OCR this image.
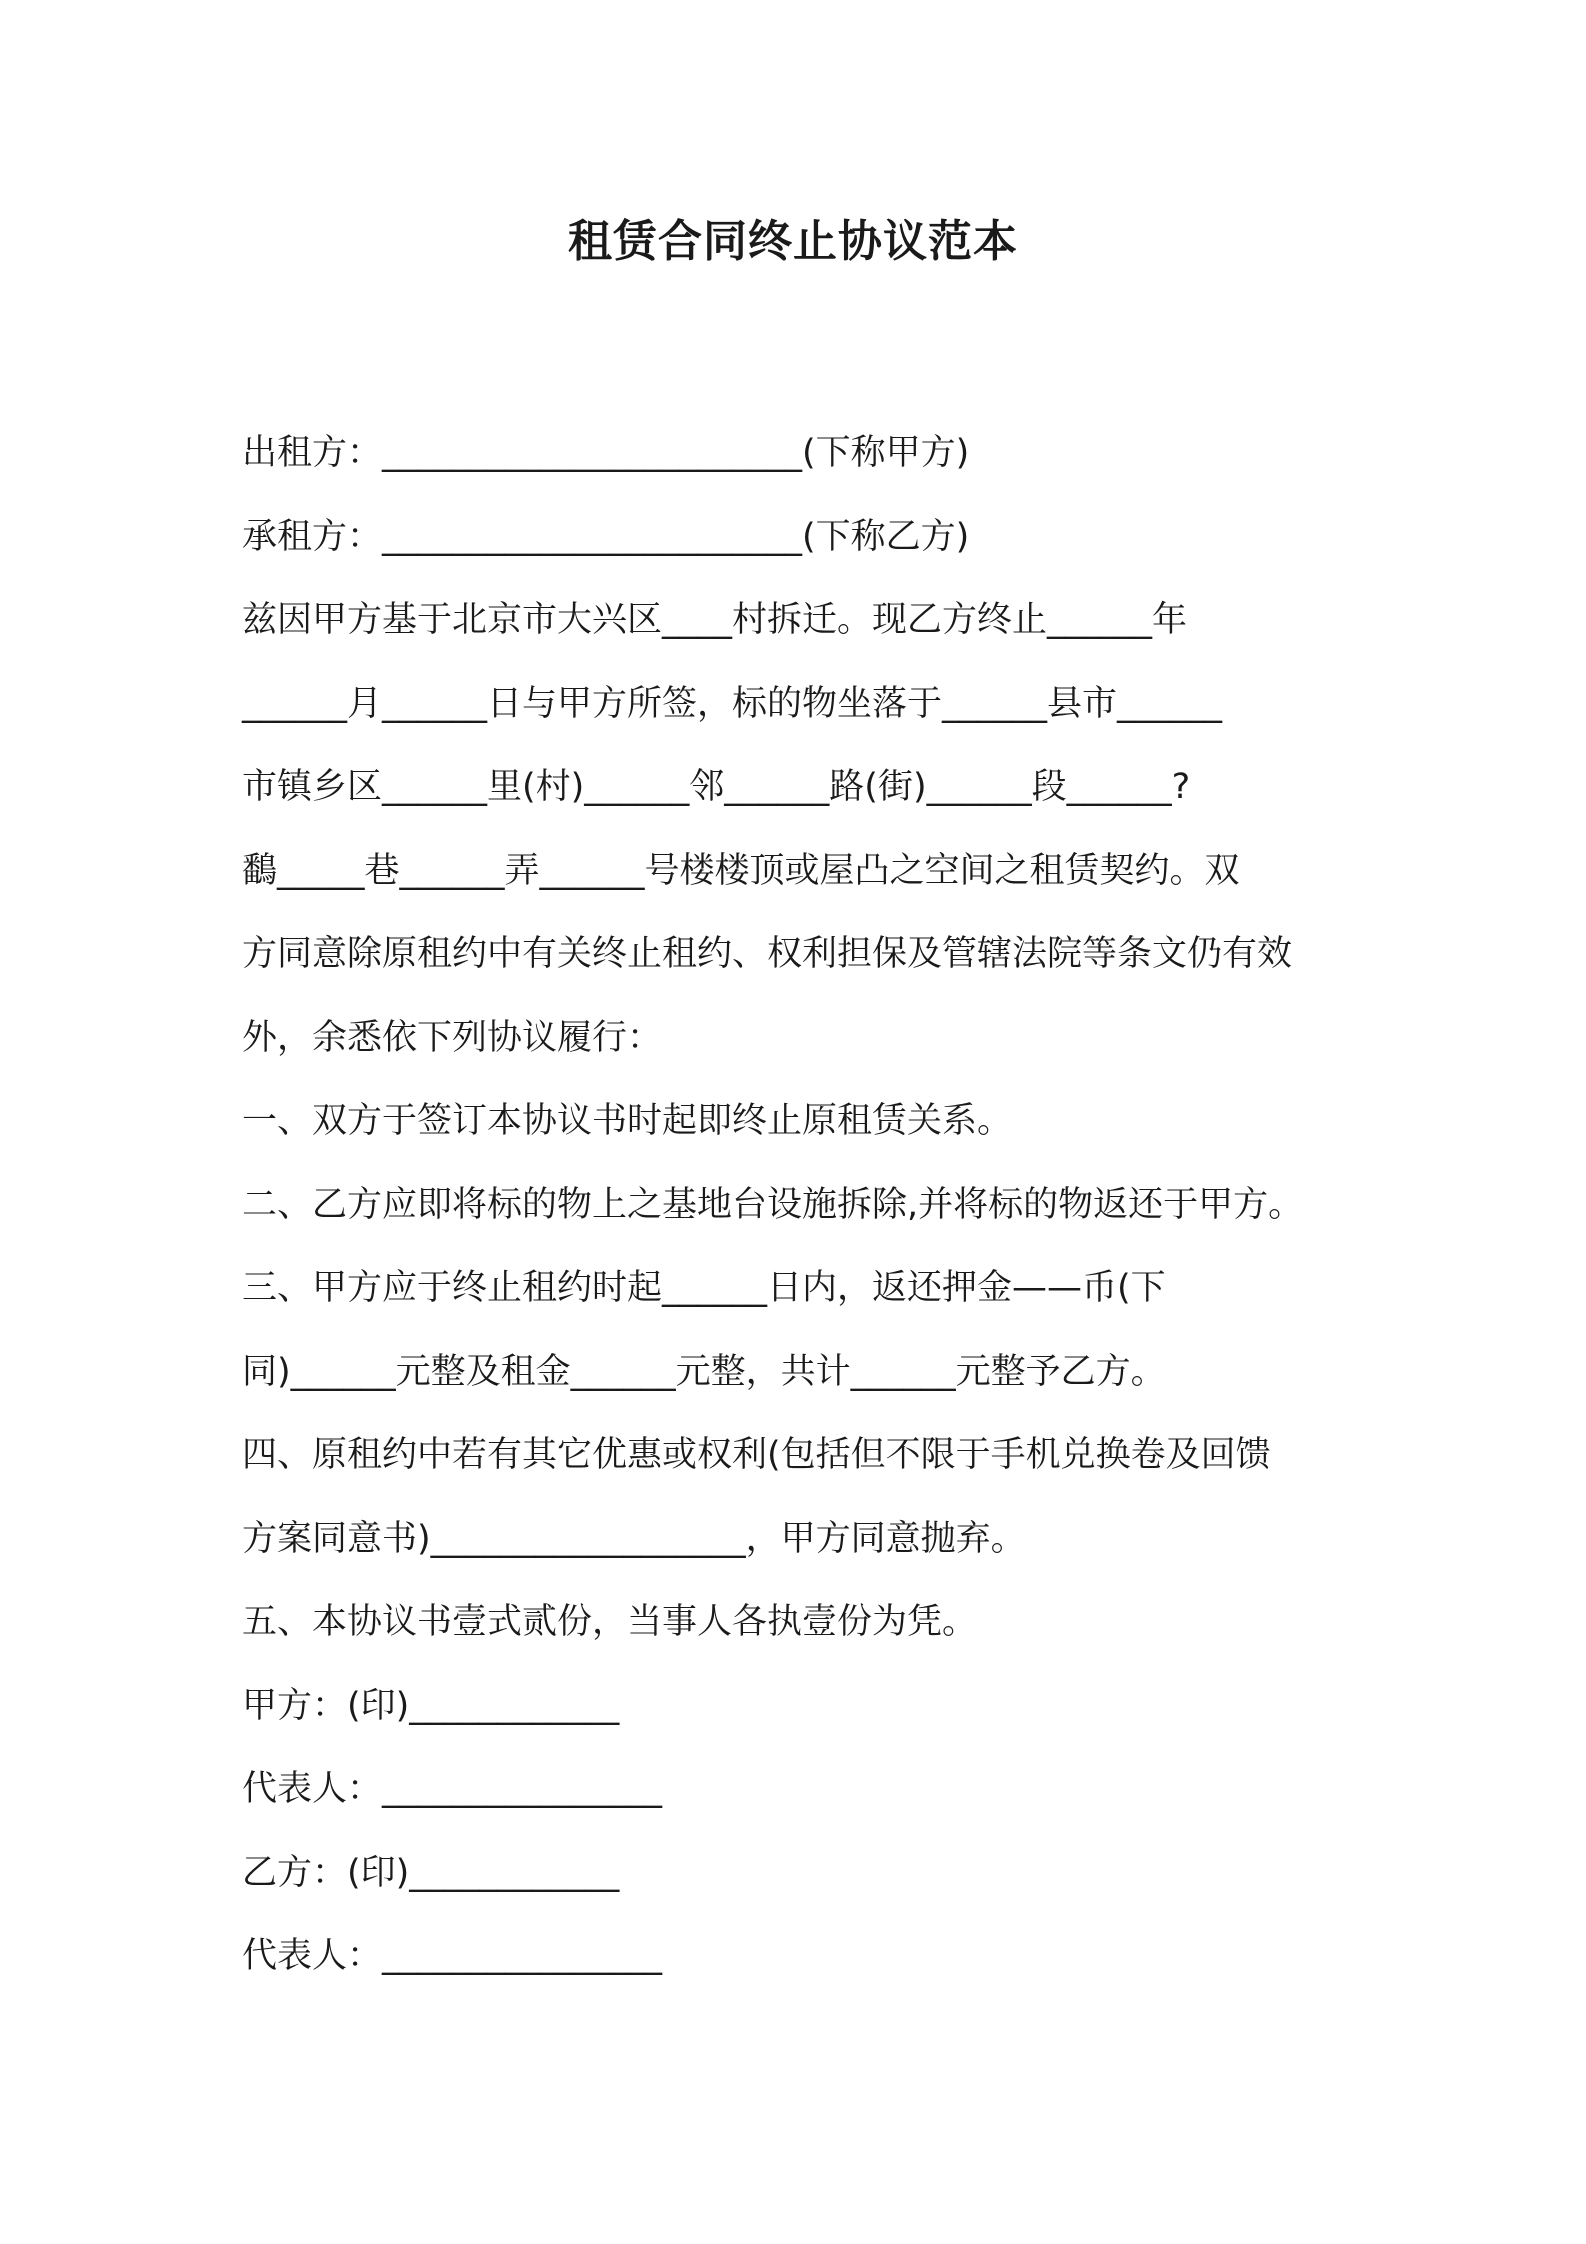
租赁合同终止协议范本

出租方：________________________(下称甲方)

承租方：________________________(下称乙方)

兹因甲方基于北京市大兴区____村拆迁。现乙方终止______年

______月______日与甲方所签，标的物坐落于______县市______

市镇乡区______里(村)______邻______路(街)______段______?

鷭_____巷______弄______号楼楼顶或屋凸之空间之租赁契约。双

方同意除原租约中有关终止租约、权利担保及管辖法院等条文仍有效

外，余悉依下列协议履行：

一、双方于签订本协议书时起即终止原租赁关系。

二、乙方应即将标的物上之基地台设施拆除,并将标的物返还于甲方。

三、甲方应于终止租约时起______日内，返还押金——币(下

同)______元整及租金______元整，共计______元整予乙方。

四、原租约中若有其它优惠或权利(包括但不限于手机兑换卷及回馈

方案同意书)__________________，甲方同意抛弃。

五、本协议书壹式贰份，当事人各执壹份为凭。

甲方：(印)____________

代表人：________________

乙方：(印)____________

代表人：________________
